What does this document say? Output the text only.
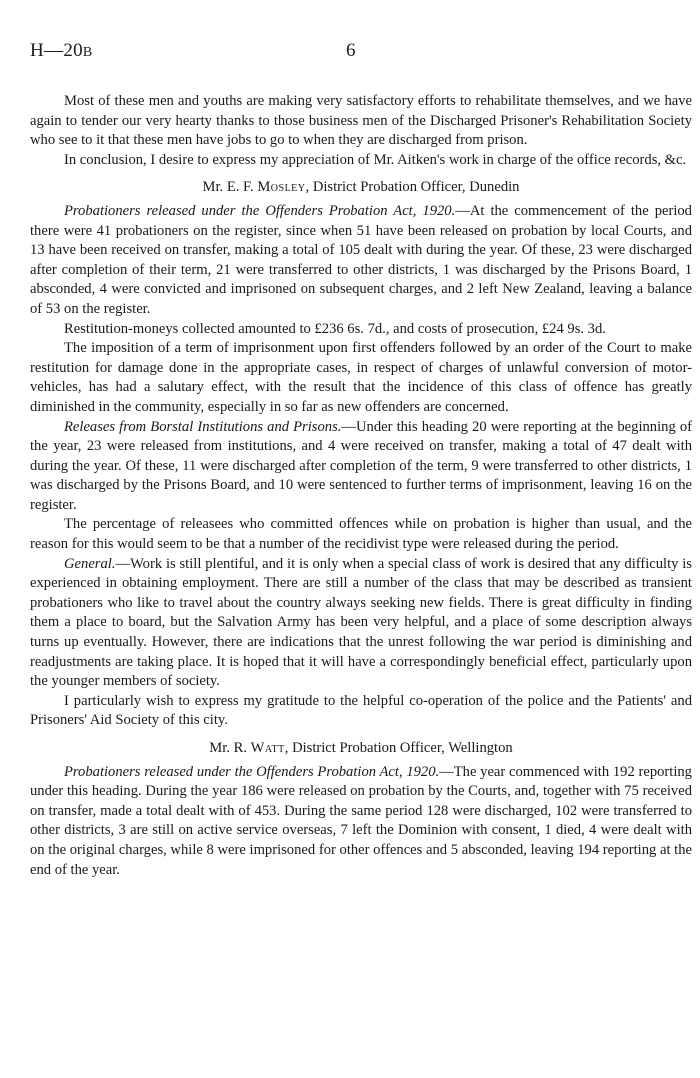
H—20B	6

Most of these men and youths are making very satisfactory efforts to rehabilitate themselves, and we have again to tender our very hearty thanks to those business men of the Discharged Prisoner's Rehabilitation Society who see to it that these men have jobs to go to when they are discharged from prison.

In conclusion, I desire to express my appreciation of Mr. Aitken's work in charge of the office records, &c.

Mr. E. F. Mosley, District Probation Officer, Dunedin

Probationers released under the Offenders Probation Act, 1920.—At the commencement of the period there were 41 probationers on the register, since when 51 have been released on probation by local Courts, and 13 have been received on transfer, making a total of 105 dealt with during the year. Of these, 23 were discharged after completion of their term, 21 were transferred to other districts, 1 was discharged by the Prisons Board, 1 absconded, 4 were convicted and imprisoned on subsequent charges, and 2 left New Zealand, leaving a balance of 53 on the register.

Restitution-moneys collected amounted to £236 6s. 7d., and costs of prosecution, £24 9s. 3d.

The imposition of a term of imprisonment upon first offenders followed by an order of the Court to make restitution for damage done in the appropriate cases, in respect of charges of unlawful conversion of motor-vehicles, has had a salutary effect, with the result that the incidence of this class of offence has greatly diminished in the community, especially in so far as new offenders are concerned.

Releases from Borstal Institutions and Prisons.—Under this heading 20 were reporting at the beginning of the year, 23 were released from institutions, and 4 were received on transfer, making a total of 47 dealt with during the year. Of these, 11 were discharged after completion of the term, 9 were transferred to other districts, 1 was discharged by the Prisons Board, and 10 were sentenced to further terms of imprisonment, leaving 16 on the register.

The percentage of releasees who committed offences while on probation is higher than usual, and the reason for this would seem to be that a number of the recidivist type were released during the period.

General.—Work is still plentiful, and it is only when a special class of work is desired that any difficulty is experienced in obtaining employment. There are still a number of the class that may be described as transient probationers who like to travel about the country always seeking new fields. There is great difficulty in finding them a place to board, but the Salvation Army has been very helpful, and a place of some description always turns up eventually. However, there are indications that the unrest following the war period is diminishing and readjustments are taking place. It is hoped that it will have a correspondingly beneficial effect, particularly upon the younger members of society.

I particularly wish to express my gratitude to the helpful co-operation of the police and the Patients' and Prisoners' Aid Society of this city.

Mr. R. Watt, District Probation Officer, Wellington

Probationers released under the Offenders Probation Act, 1920.—The year commenced with 192 reporting under this heading. During the year 186 were released on probation by the Courts, and, together with 75 received on transfer, made a total dealt with of 453. During the same period 128 were discharged, 102 were transferred to other districts, 3 are still on active service overseas, 7 left the Dominion with consent, 1 died, 4 were dealt with on the original charges, while 8 were imprisoned for other offences and 5 absconded, leaving 194 reporting at the end of the year.
